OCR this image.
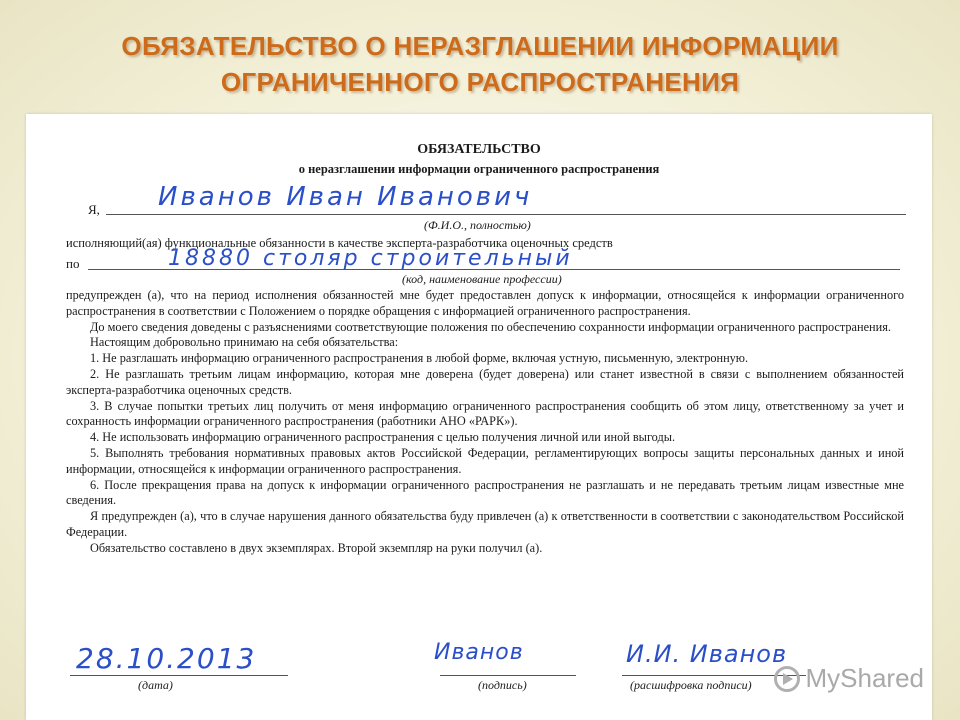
ОБЯЗАТЕЛЬСТВО О НЕРАЗГЛАШЕНИИ ИНФОРМАЦИИ
ОГРАНИЧЕННОГО РАСПРОСТРАНЕНИЯ
ОБЯЗАТЕЛЬСТВО
о неразглашении информации ограниченного распространения
Я, Иванов Иван Иванович
(Ф.И.О., полностью)
исполняющий(ая) функциональные обязанности в качестве эксперта-разработчика оценочных средств
по	18880 столяр строительный
(код, наименование профессии)

предупрежден (а), что на период исполнения обязанностей мне будет предоставлен допуск к информации, относящейся к информации ограниченного распространения в соответствии с Положением о порядке обращения с информацией ограниченного распространения.

До моего сведения доведены с разъяснениями соответствующие положения по обеспечению сохранности информации ограниченного распространения.

Настоящим добровольно принимаю на себя обязательства:

1. Не разглашать информацию ограниченного распространения в любой форме, включая устную, письменную, электронную.

2. Не разглашать третьим лицам информацию, которая мне доверена (будет доверена) или станет известной в связи с выполнением обязанностей эксперта-разработчика оценочных средств.

3. В случае попытки третьих лиц получить от меня информацию ограниченного распространения сообщить об этом лицу, ответственному за учет и сохранность информации ограниченного распространения (работники АНО «РАРК»).

4. Не использовать информацию ограниченного распространения с целью получения личной или иной выгоды.

5. Выполнять требования нормативных правовых актов Российской Федерации, регламентирующих вопросы защиты персональных данных и иной информации, относящейся к информации ограниченного распространения.

6. После прекращения права на допуск к информации ограниченного распространения не разглашать и не передавать третьим лицам известные мне сведения.

Я предупрежден (а), что в случае нарушения данного обязательства буду привлечен (а) к ответственности в соответствии с законодательством Российской Федерации.

Обязательство составлено в двух экземплярах. Второй экземпляр на руки получил (а).

28.10.2013
(дата)
Иванов
(подпись)
И.И. Иванов
(расшифровка подписи) MyShared
